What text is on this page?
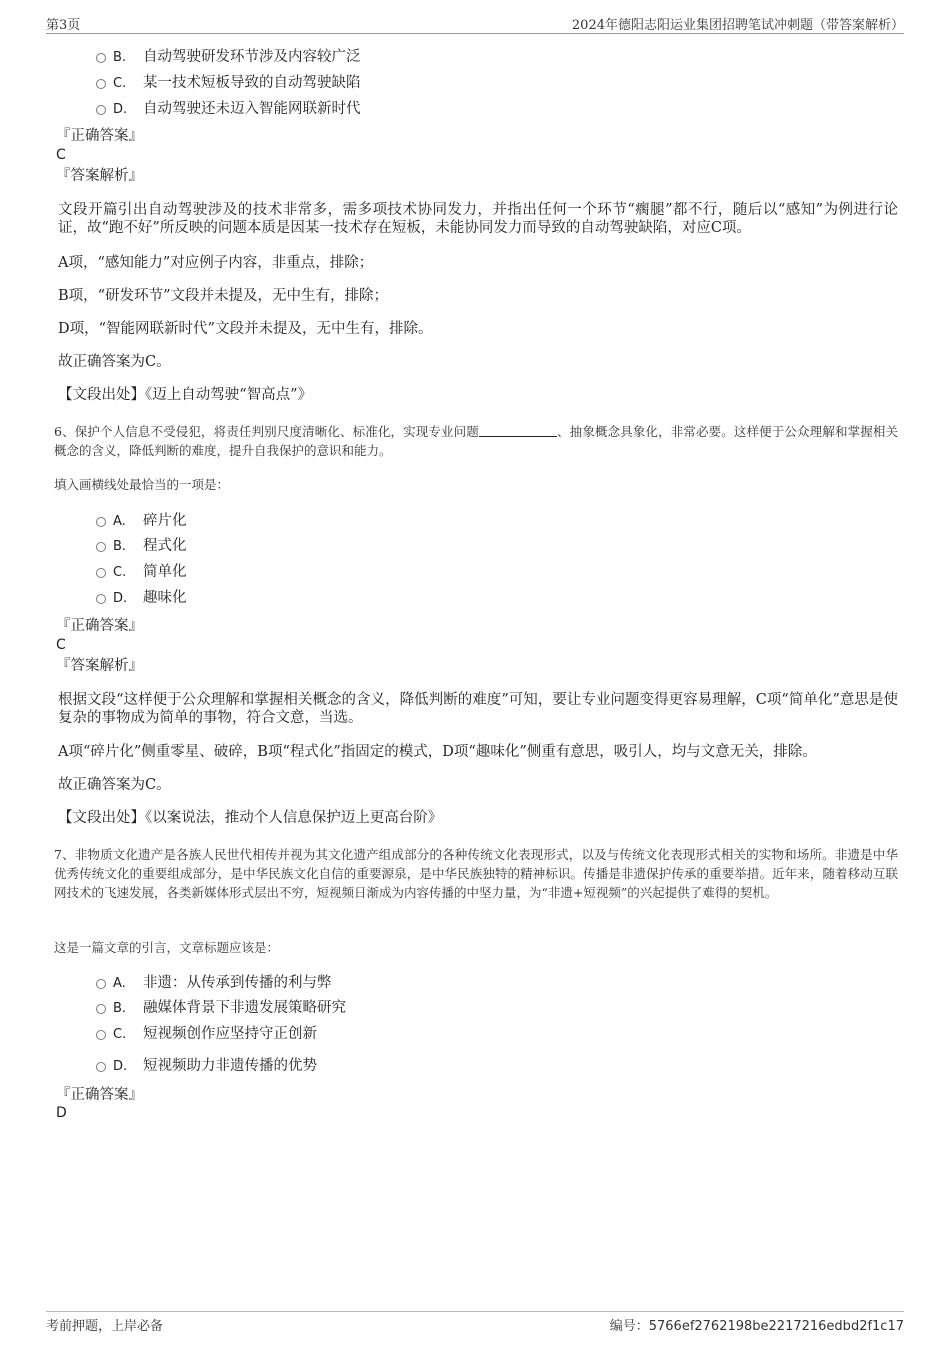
第3页	2024年德阳志阳运业集团招聘笔试冲刺题（带答案解析）
B. 自动驾驶研发环节涉及内容较广泛
C. 某一技术短板导致的自动驾驶缺陷
D. 自动驾驶还未迈入智能网联新时代
『正确答案』
C
『答案解析』
文段开篇引出自动驾驶涉及的技术非常多，需多项技术协同发力，并指出任何一个环节“瘸腿”都不行，随后以“感知”为例进行论证，故“跑不好”所反映的问题本质是因某一技术存在短板，未能协同发力而导致的自动驾驶缺陷，对应C项。
A项，“感知能力”对应例子内容，非重点，排除；
B项，“研发环节”文段并未提及，无中生有，排除；
D项，“智能网联新时代”文段并未提及，无中生有，排除。
故正确答案为C。
【文段出处】《迈上自动驾驶“智高点”》
6、保护个人信息不受侵犯，将责任判别尺度清晰化、标准化，实现专业问题	、抽象概念具象化，非常必要。这样便于公众理解和掌握相关概念的含义，降低判断的难度，提升自我保护的意识和能力。
填入画横线处最恰当的一项是：
A. 碎片化
B. 程式化
C. 简单化
D. 趣味化
『正确答案』
C
『答案解析』
根据文段“这样便于公众理解和掌握相关概念的含义，降低判断的难度”可知，要让专业问题变得更容易理解，C项“简单化”意思是使复杂的事物成为简单的事物，符合文意，当选。
A项“碎片化”侧重零星、破碎，B项“程式化”指固定的模式，D项“趣味化”侧重有意思，吸引人，均与文意无关，排除。
故正确答案为C。
【文段出处】《以案说法，推动个人信息保护迈上更高台阶》
7、非物质文化遗产是各族人民世代相传并视为其文化遗产组成部分的各种传统文化表现形式，以及与传统文化表现形式相关的实物和场所。非遗是中华优秀传统文化的重要组成部分，是中华民族文化自信的重要源泉，是中华民族独特的精神标识。传播是非遗保护传承的重要举措。近年来，随着移动互联网技术的飞速发展，各类新媒体形式层出不穷，短视频日渐成为内容传播的中坚力量，为“非遗+短视频”的兴起提供了难得的契机。
这是一篇文章的引言，文章标题应该是：
A. 非遗：从传承到传播的利与弊
B. 融媒体背景下非遗发展策略研究
C. 短视频创作应坚持守正创新
D. 短视频助力非遗传播的优势
『正确答案』
D
考前押题，上岸必备	编号：5766ef2762198be2217216edbd2f1c17
